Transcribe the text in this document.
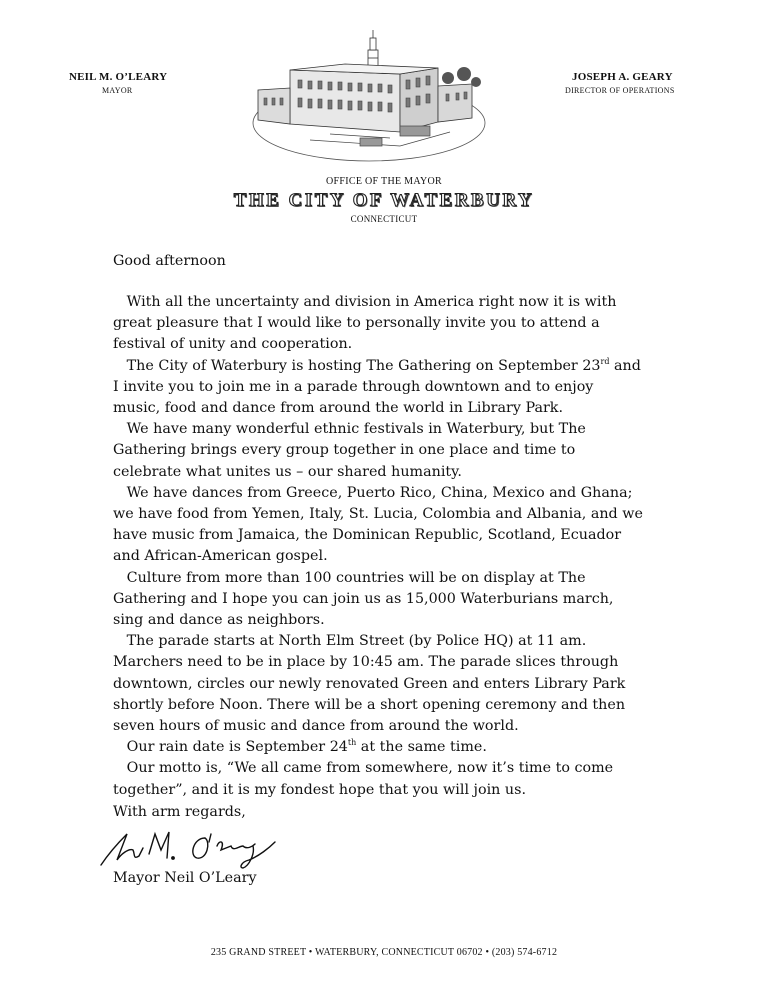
NEIL M. O’LEARY
MAYOR
JOSEPH A. GEARY
DIRECTOR OF OPERATIONS
OFFICE OF THE MAYOR
THE CITY OF WATERBURY
CONNECTICUT
Good afternoon
With all the uncertainty and division in America right now it is with
great pleasure that I would like to personally invite you to attend a
festival of unity and cooperation.
The City of Waterbury is hosting The Gathering on September 23rd and
I invite you to join me in a parade through downtown and to enjoy
music, food and dance from around the world in Library Park.
We have many wonderful ethnic festivals in Waterbury, but The
Gathering brings every group together in one place and time to
celebrate what unites us – our shared humanity.
We have dances from Greece, Puerto Rico, China, Mexico and Ghana;
we have food from Yemen, Italy, St. Lucia, Colombia and Albania, and we
have music from Jamaica, the Dominican Republic, Scotland, Ecuador
and African-American gospel.
Culture from more than 100 countries will be on display at The
Gathering and I hope you can join us as 15,000 Waterburians march,
sing and dance as neighbors.
The parade starts at North Elm Street (by Police HQ) at 11 am.
Marchers need to be in place by 10:45 am. The parade slices through
downtown, circles our newly renovated Green and enters Library Park
shortly before Noon. There will be a short opening ceremony and then
seven hours of music and dance from around the world.
Our rain date is September 24th at the same time.
Our motto is, “We all came from somewhere, now it’s time to come
together”, and it is my fondest hope that you will join us.
With arm regards,
Mayor Neil O’Leary
235 GRAND STREET • WATERBURY, CONNECTICUT 06702 • (203) 574-6712
